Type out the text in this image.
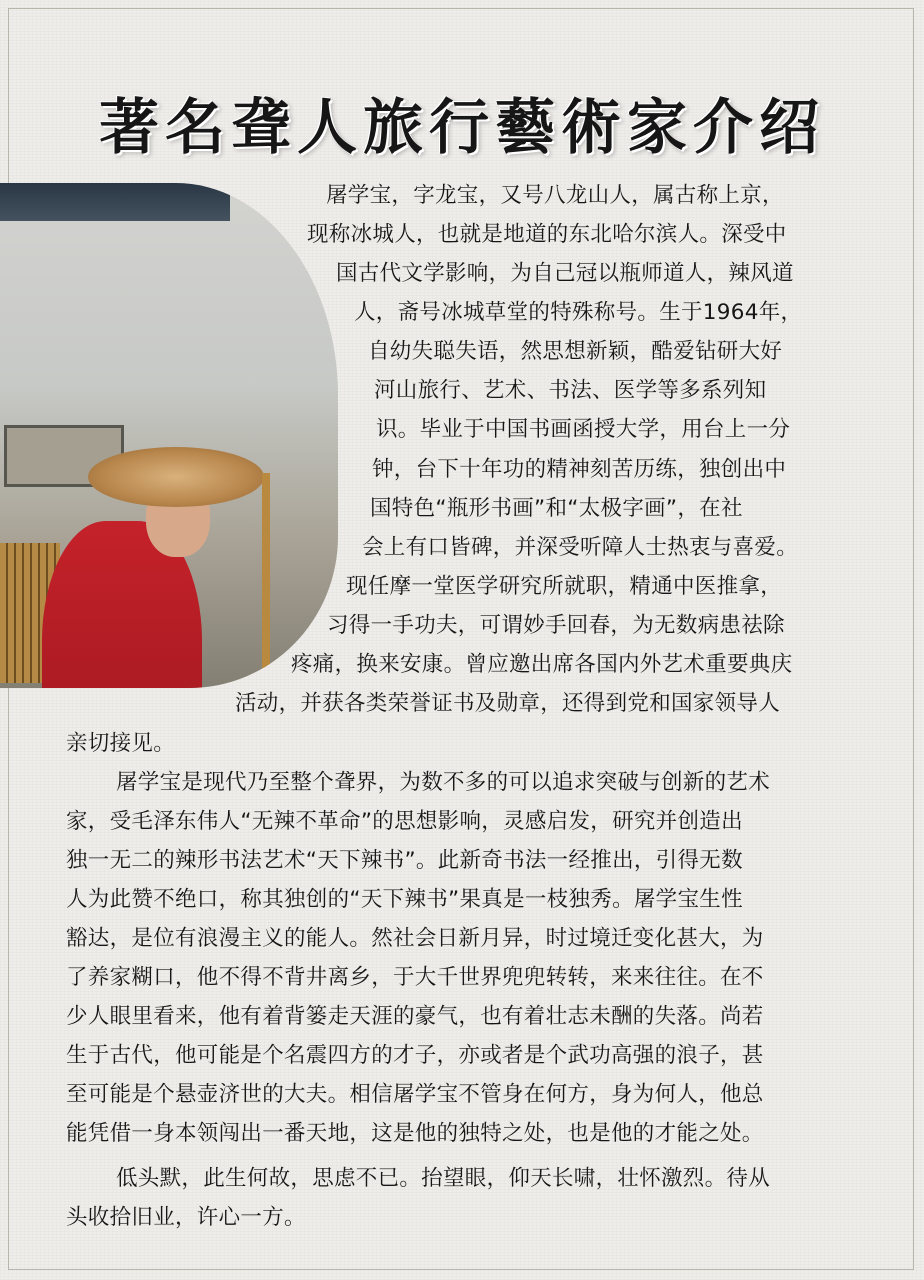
著名聋人旅行藝術家介绍

屠学宝，字龙宝，又号八龙山人，属古称上京，

现称冰城人，也就是地道的东北哈尔滨人。深受中

国古代文学影响，为自己冠以瓶师道人，辣风道

人，斋号冰城草堂的特殊称号。生于1964年，

自幼失聪失语，然思想新颖，酷爱钻研大好

河山旅行、艺术、书法、医学等多系列知

识。毕业于中国书画函授大学，用台上一分

钟，台下十年功的精神刻苦历练，独创出中

国特色“瓶形书画”和“太极字画”，在社

会上有口皆碑，并深受听障人士热衷与喜爱。

现任摩一堂医学研究所就职，精通中医推拿，

习得一手功夫，可谓妙手回春，为无数病患祛除

疼痛，换来安康。曾应邀出席各国内外艺术重要典庆

活动，并获各类荣誉证书及勋章，还得到党和国家领导人

亲切接见。

屠学宝是现代乃至整个聋界，为数不多的可以追求突破与创新的艺术

家，受毛泽东伟人“无辣不革命”的思想影响，灵感启发，研究并创造出

独一无二的辣形书法艺术“天下辣书”。此新奇书法一经推出，引得无数

人为此赞不绝口，称其独创的“天下辣书”果真是一枝独秀。屠学宝生性

豁达，是位有浪漫主义的能人。然社会日新月异，时过境迁变化甚大，为

了养家糊口，他不得不背井离乡，于大千世界兜兜转转，来来往往。在不

少人眼里看来，他有着背篓走天涯的豪气，也有着壮志未酬的失落。尚若

生于古代，他可能是个名震四方的才子，亦或者是个武功高强的浪子，甚

至可能是个悬壶济世的大夫。相信屠学宝不管身在何方，身为何人，他总

能凭借一身本领闯出一番天地，这是他的独特之处，也是他的才能之处。

低头默，此生何故，思虑不已。抬望眼，仰天长啸，壮怀激烈。待从

头收拾旧业，许心一方。
